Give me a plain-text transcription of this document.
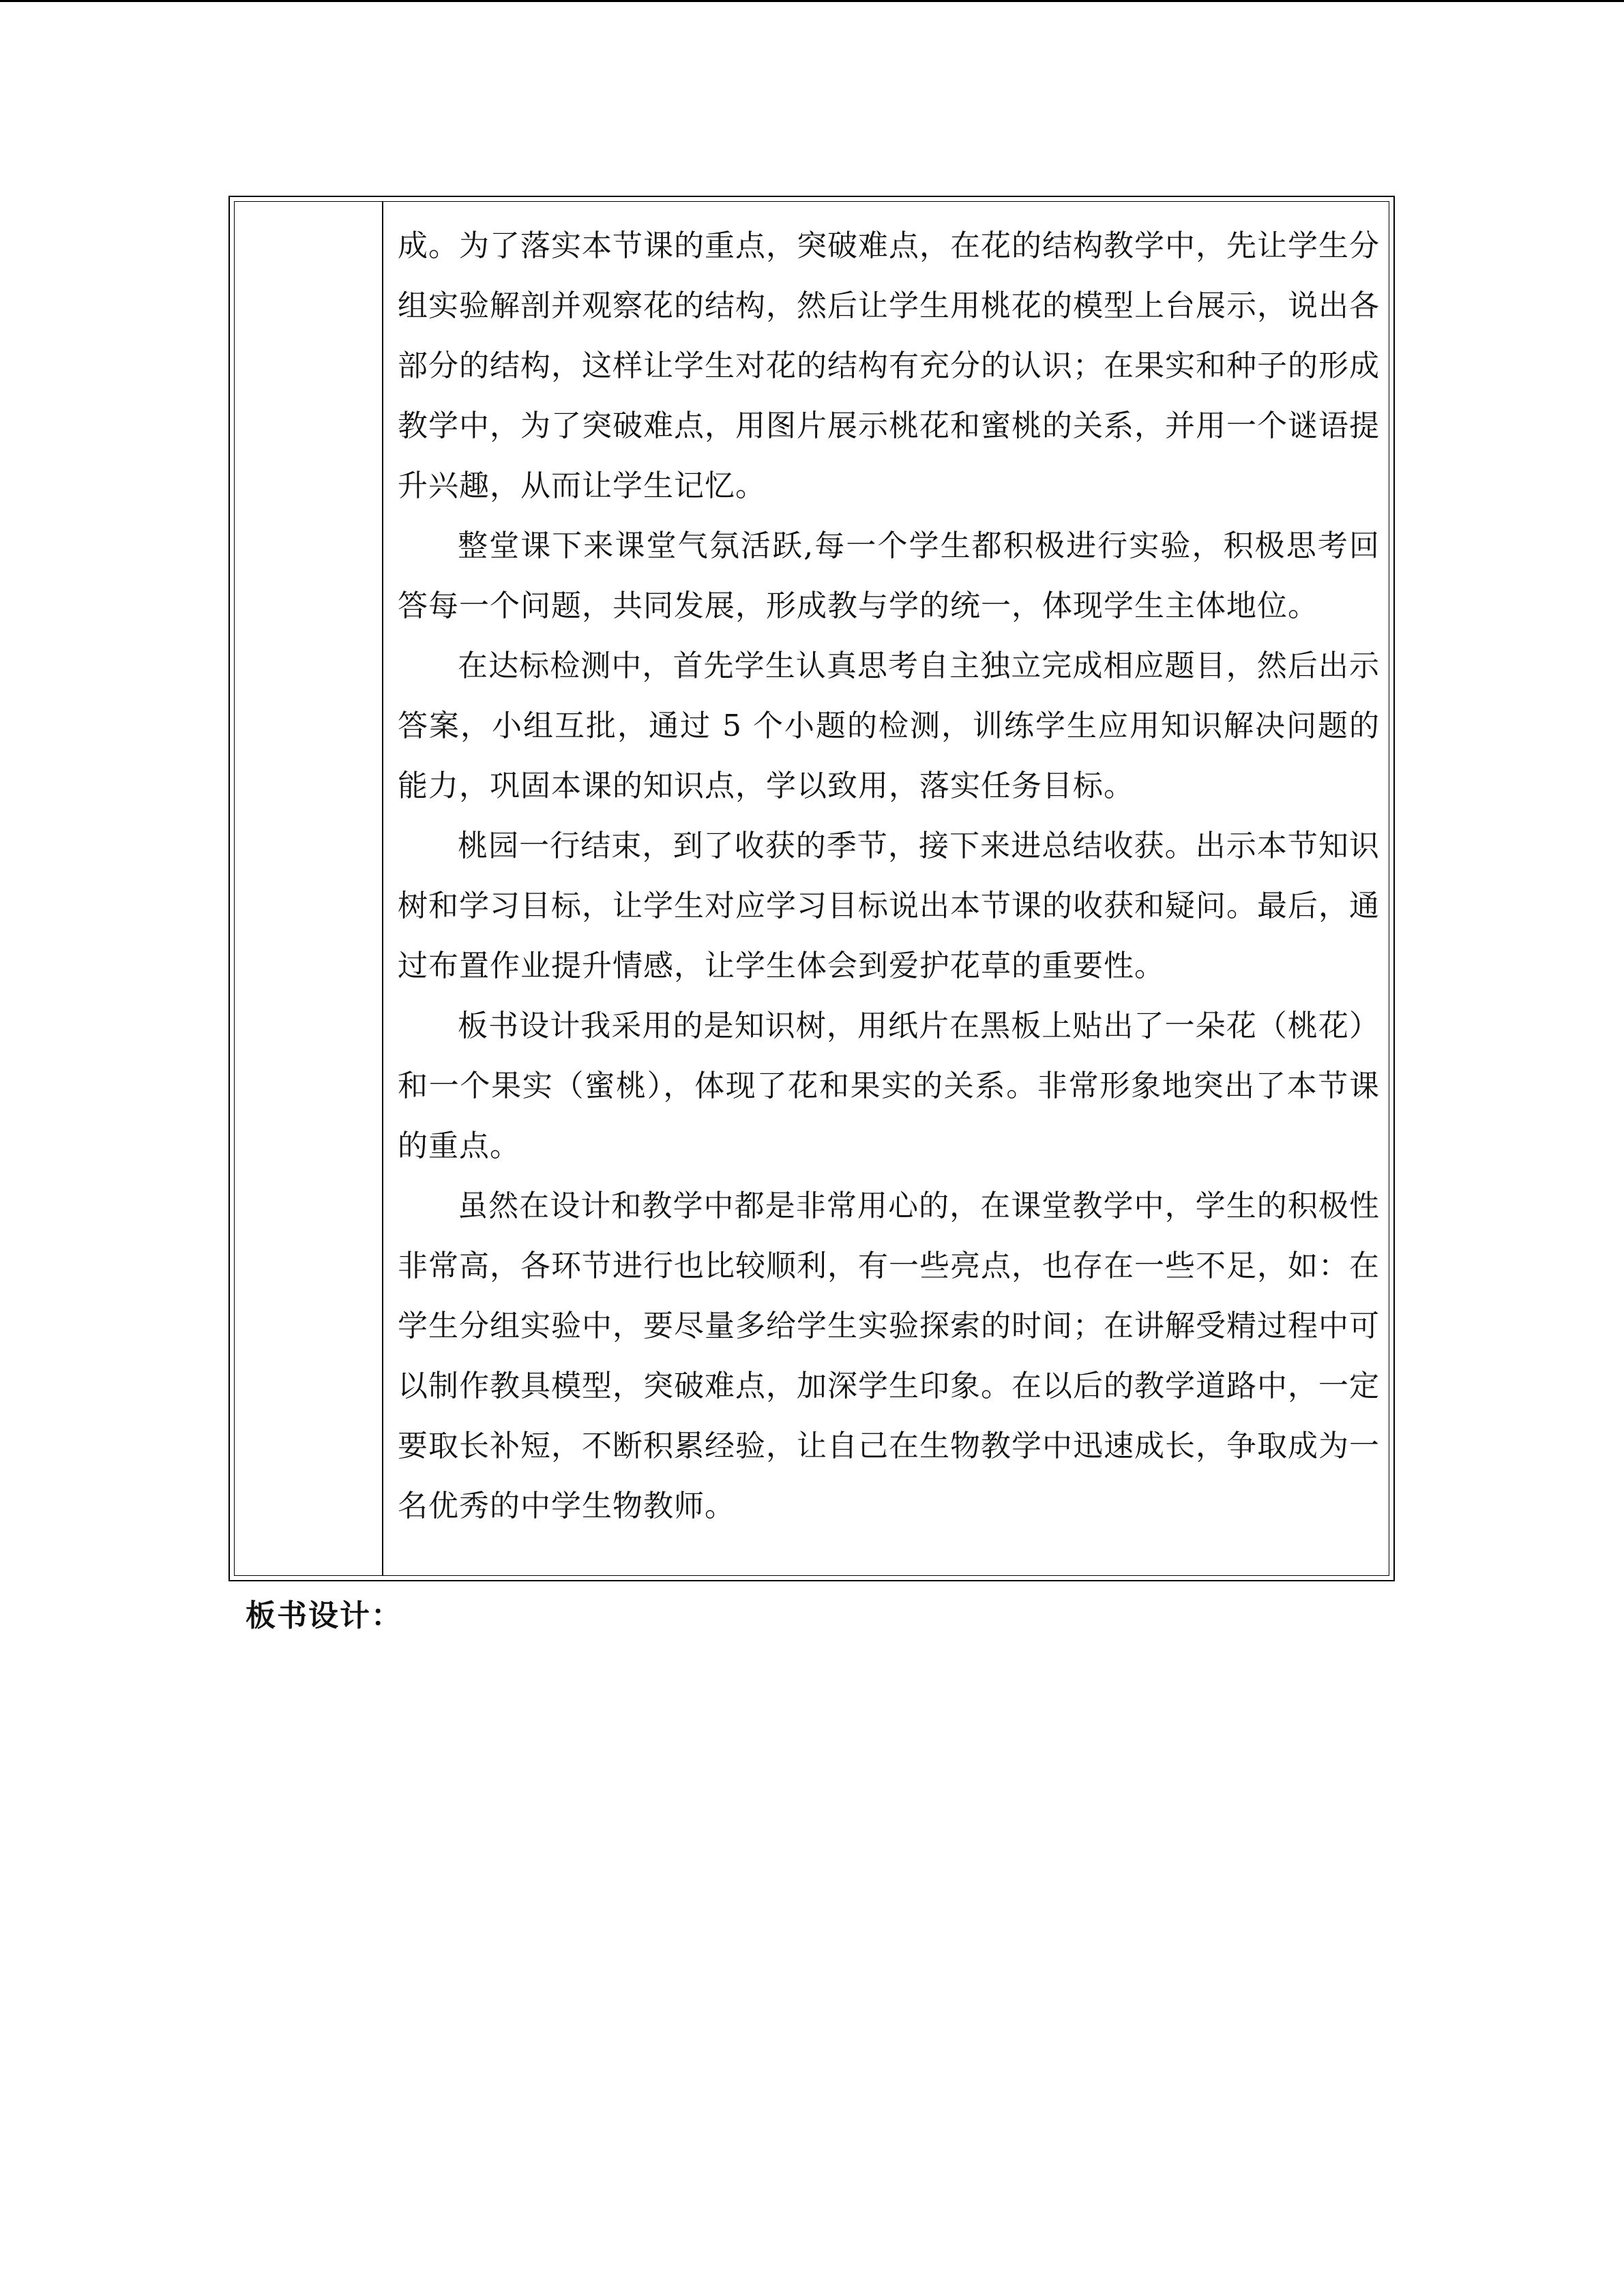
成。为了落实本节课的重点，突破难点，在花的结构教学中，先让学生分组实验解剖并观察花的结构，然后让学生用桃花的模型上台展示，说出各部分的结构，这样让学生对花的结构有充分的认识；在果实和种子的形成教学中，为了突破难点，用图片展示桃花和蜜桃的关系，并用一个谜语提升兴趣，从而让学生记忆。

整堂课下来课堂气氛活跃,每一个学生都积极进行实验，积极思考回答每一个问题，共同发展，形成教与学的统一，体现学生主体地位。

在达标检测中，首先学生认真思考自主独立完成相应题目，然后出示答案，小组互批，通过 5 个小题的检测，训练学生应用知识解决问题的能力，巩固本课的知识点，学以致用，落实任务目标。

桃园一行结束，到了收获的季节，接下来进总结收获。出示本节知识树和学习目标，让学生对应学习目标说出本节课的收获和疑问。最后，通过布置作业提升情感，让学生体会到爱护花草的重要性。

板书设计我采用的是知识树，用纸片在黑板上贴出了一朵花（桃花）和一个果实（蜜桃），体现了花和果实的关系。非常形象地突出了本节课的重点。

虽然在设计和教学中都是非常用心的，在课堂教学中，学生的积极性非常高，各环节进行也比较顺利，有一些亮点，也存在一些不足，如：在学生分组实验中，要尽量多给学生实验探索的时间；在讲解受精过程中可以制作教具模型，突破难点，加深学生印象。在以后的教学道路中，一定要取长补短，不断积累经验，让自己在生物教学中迅速成长，争取成为一名优秀的中学生物教师。

板书设计：
